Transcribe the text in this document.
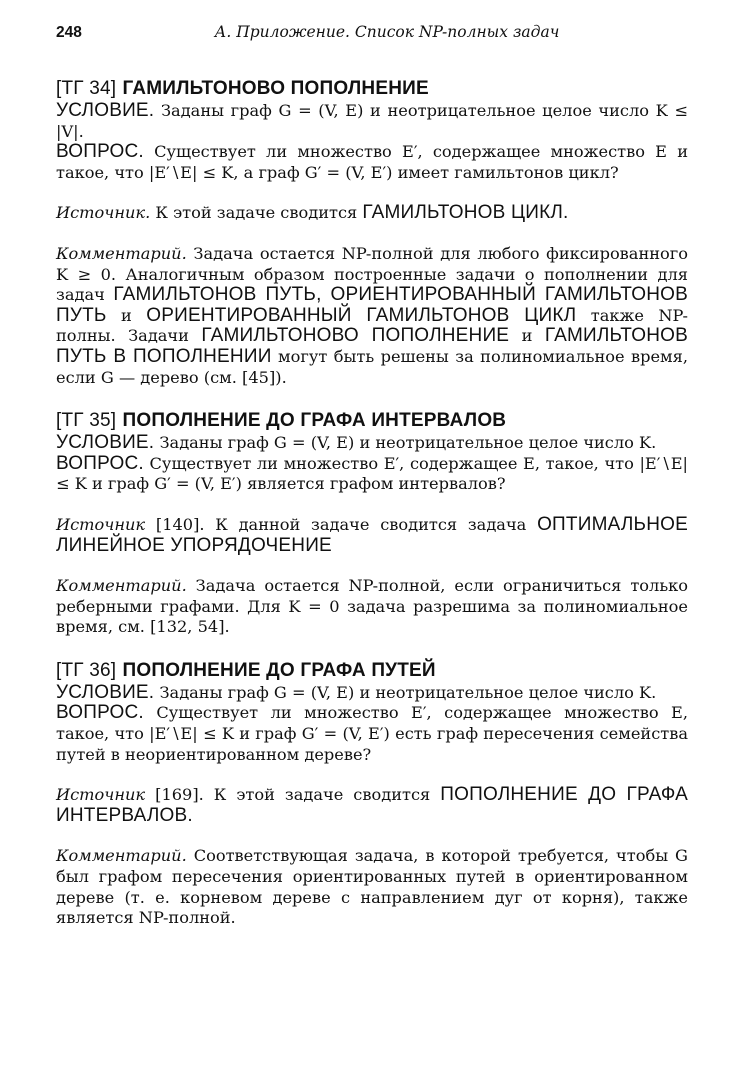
248	А. Приложение. Список NP-полных задач
[ТГ 34] ГАМИЛЬТОНОВО ПОПОЛНЕНИЕ

УСЛОВИЕ. Заданы граф G = (V, E) и неотрицательное целое число K ≤ |V|.

ВОПРОС. Существует ли множество E′, содержащее множество E и такое, что |E′∖E| ≤ K, а граф G′ = (V, E′) имеет гамильтонов цикл?

Источник. К этой задаче сводится ГАМИЛЬТОНОВ ЦИКЛ.

Комментарий. Задача остается NP-полной для любого фиксированного K ≥ 0. Аналогичным образом построенные задачи о пополнении для задач ГАМИЛЬТОНОВ ПУТЬ, ОРИЕНТИРОВАННЫЙ ГАМИЛЬТОНОВ ПУТЬ и ОРИЕНТИРОВАННЫЙ ГАМИЛЬТОНОВ ЦИКЛ также NP-полны. Задачи ГАМИЛЬТОНОВО ПОПОЛНЕНИЕ и ГАМИЛЬТОНОВ ПУТЬ В ПОПОЛНЕНИИ могут быть решены за полиномиальное время, если G — дерево (см. [45]).

[ТГ 35] ПОПОЛНЕНИЕ ДО ГРАФА ИНТЕРВАЛОВ

УСЛОВИЕ. Заданы граф G = (V, E) и неотрицательное целое число K.

ВОПРОС. Существует ли множество E′, содержащее E, такое, что |E′∖E| ≤ K и граф G′ = (V, E′) является графом интервалов?

Источник [140]. К данной задаче сводится задача ОПТИМАЛЬНОЕ ЛИНЕЙНОЕ УПОРЯДОЧЕНИЕ

Комментарий. Задача остается NP-полной, если ограничиться только реберными графами. Для K = 0 задача разрешима за полиномиальное время, см. [132, 54].

[ТГ 36] ПОПОЛНЕНИЕ ДО ГРАФА ПУТЕЙ

УСЛОВИЕ. Заданы граф G = (V, E) и неотрицательное целое число K.

ВОПРОС. Существует ли множество E′, содержащее множество E, такое, что |E′∖E| ≤ K и граф G′ = (V, E′) есть граф пересечения семейства путей в неориентированном дереве?

Источник [169]. К этой задаче сводится ПОПОЛНЕНИЕ ДО ГРАФА ИНТЕРВАЛОВ.

Комментарий. Соответствующая задача, в которой требуется, чтобы G был графом пересечения ориентированных путей в ориентированном дереве (т. е. корневом дереве с направлением дуг от корня), также является NP-полной.
